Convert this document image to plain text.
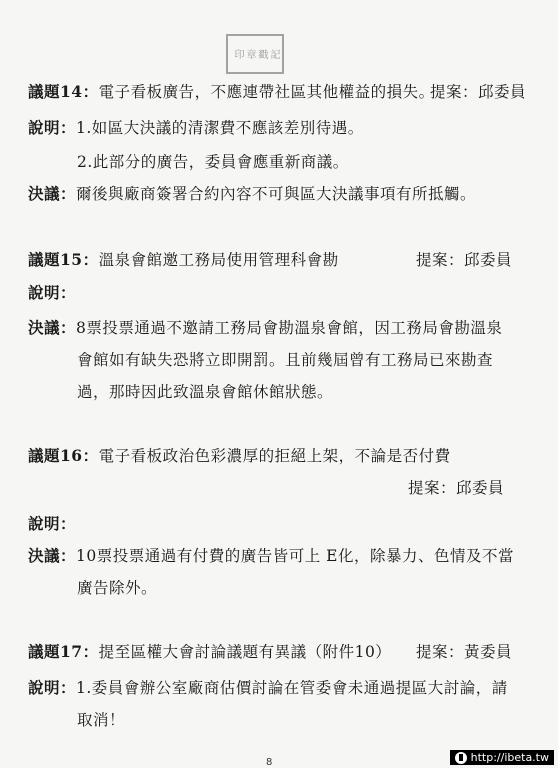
印 章 戳 記
議題14：電子看板廣告，不應連帶社區其他權益的損失。
提案：邱委員
說明：1.如區大決議的清潔費不應該差別待遇。
2.此部分的廣告，委員會應重新商議。
決議：爾後與廠商簽署合約內容不可與區大決議事項有所抵觸。
議題15：溫泉會館邀工務局使用管理科會勘	提案：邱委員
說明：
決議：8票投票通過不邀請工務局會勘溫泉會館，因工務局會勘溫泉
會館如有缺失恐將立即開罰。且前幾屆曾有工務局已來勘查
過，那時因此致溫泉會館休館狀態。
議題16：電子看板政治色彩濃厚的拒絕上架，不論是否付費
提案：邱委員
說明：
決議：10票投票通過有付費的廣告皆可上 E化，除暴力、色情及不當
廣告除外。
議題17：提至區權大會討論議題有異議（附件10） 提案：黃委員
說明：1.委員會辦公室廠商估價討論在管委會未通過提區大討論，請
取消！
8	http://ibeta.tw
